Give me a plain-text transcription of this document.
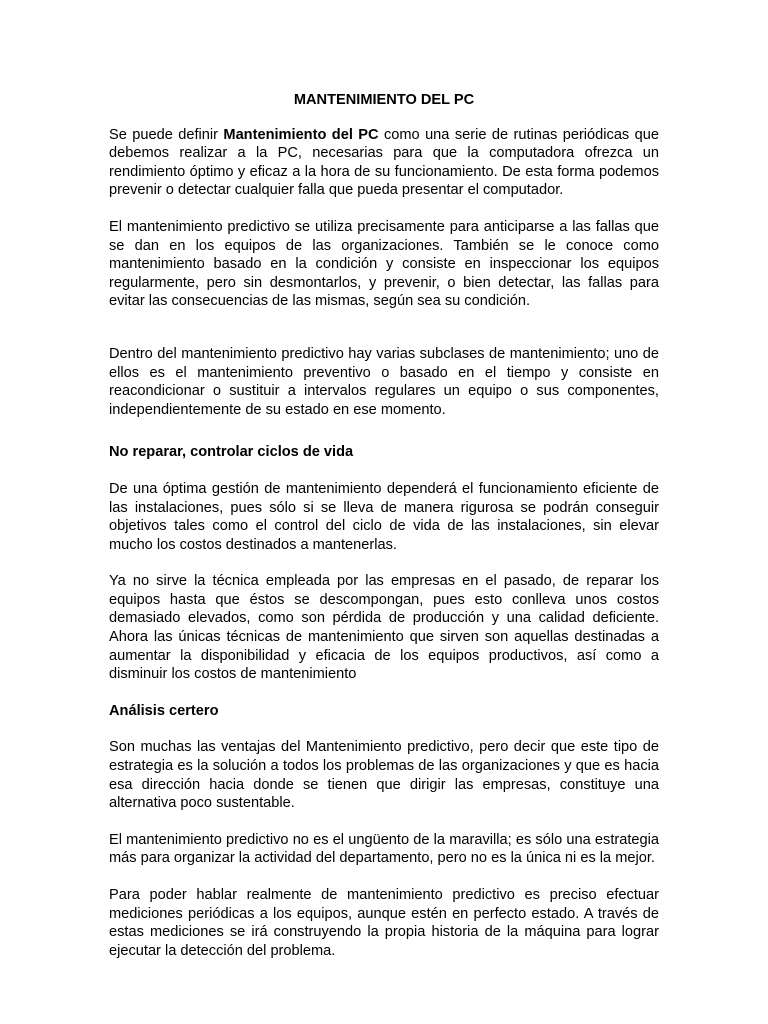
MANTENIMIENTO DEL PC
Se puede definir Mantenimiento del PC como una serie de rutinas periódicas que debemos realizar a la PC, necesarias para que la computadora ofrezca un rendimiento óptimo y eficaz a la hora de su funcionamiento. De esta forma podemos prevenir o detectar cualquier falla que pueda presentar el computador.
El mantenimiento predictivo se utiliza precisamente para anticiparse a las fallas que se dan en los equipos de las organizaciones. También se le conoce como mantenimiento basado en la condición y consiste en inspeccionar los equipos regularmente, pero sin desmontarlos, y prevenir, o bien detectar, las fallas para evitar las consecuencias de las mismas, según sea su condición.
Dentro del mantenimiento predictivo hay varias subclases de mantenimiento; uno de ellos es el mantenimiento preventivo o basado en el tiempo y consiste en reacondicionar o sustituir a intervalos regulares un equipo o sus componentes, independientemente de su estado en ese momento.
No reparar, controlar ciclos de vida
De una óptima gestión de mantenimiento dependerá el funcionamiento eficiente de las instalaciones, pues sólo si se lleva de manera rigurosa se podrán conseguir objetivos tales como el control del ciclo de vida de las instalaciones, sin elevar mucho los costos destinados a mantenerlas.
Ya no sirve la técnica empleada por las empresas en el pasado, de reparar los equipos hasta que éstos se descompongan, pues esto conlleva unos costos demasiado elevados, como son pérdida de producción y una calidad deficiente. Ahora las únicas técnicas de mantenimiento que sirven son aquellas destinadas a aumentar la disponibilidad y eficacia de los equipos productivos, así como a disminuir los costos de mantenimiento
Análisis certero
Son muchas las ventajas del Mantenimiento predictivo, pero decir que este tipo de estrategia es la solución a todos los problemas de las organizaciones y que es hacia esa dirección hacia donde se tienen que dirigir las empresas, constituye una alternativa poco sustentable.
El mantenimiento predictivo no es el ungüento de la maravilla; es sólo una estrategia más para organizar la actividad del departamento, pero no es la única ni es la mejor.
Para poder hablar realmente de mantenimiento predictivo es preciso efectuar mediciones periódicas a los equipos, aunque estén en perfecto estado. A través de estas mediciones se irá construyendo la propia historia de la máquina para lograr ejecutar la detección del problema.
